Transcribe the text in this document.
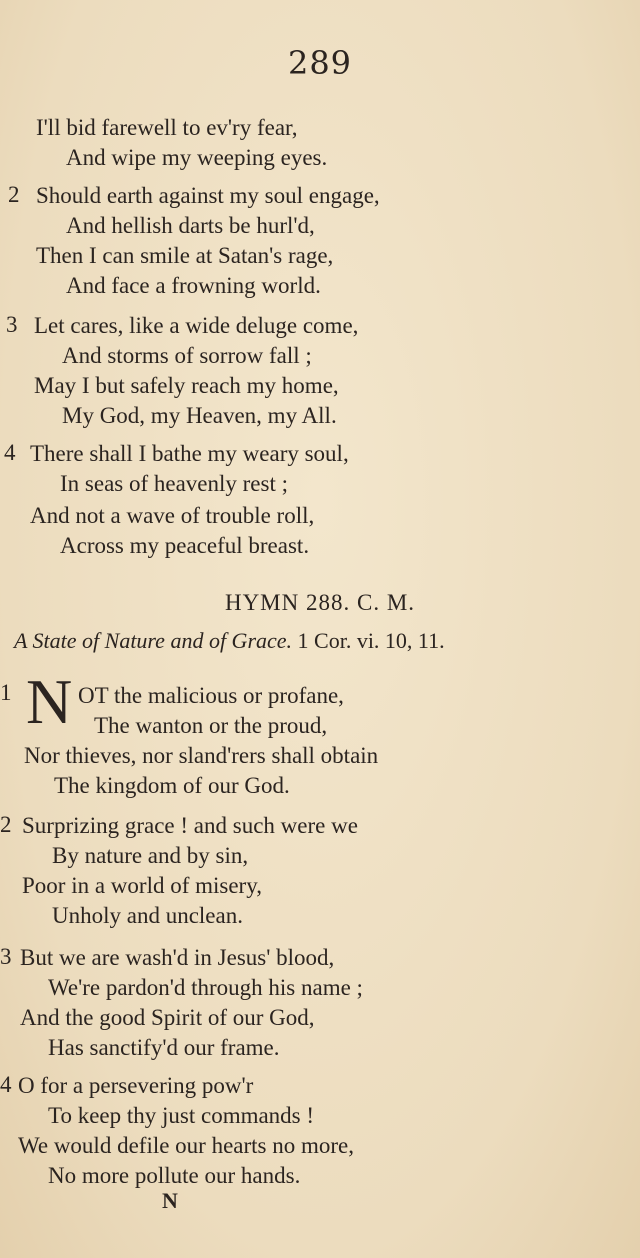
289
I'll bid farewell to ev'ry fear,
And wipe my weeping eyes.
2 Should earth against my soul engage,
And hellish darts be hurl'd,
Then I can smile at Satan's rage,
And face a frowning world.
3 Let cares, like a wide deluge come,
And storms of sorrow fall ;
May I but safely reach my home,
My God, my Heaven, my All.
4 There shall I bathe my weary soul,
In seas of heavenly rest ;
And not a wave of trouble roll,
Across my peaceful breast.
HYMN 288. C. M.
A State of Nature and of Grace. 1 Cor. vi. 10, 11.
1 N OT the malicious or profane,
The wanton or the proud,
Nor thieves, nor sland'rers shall obtain
The kingdom of our God.
2 Surprizing grace ! and such were we
By nature and by sin,
Poor in a world of misery,
Unholy and unclean.
3 But we are wash'd in Jesus' blood,
We're pardon'd through his name ;
And the good Spirit of our God,
Has sanctify'd our frame.
4 O for a persevering pow'r
To keep thy just commands !
We would defile our hearts no more,
No more pollute our hands.
N
